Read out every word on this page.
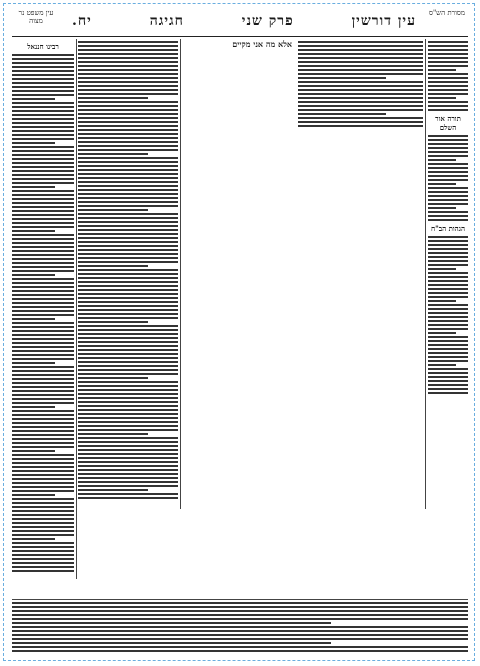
מסורת הש"ס
עין דורשין
פרק שני
חגיגה
יח.
עין משפט נר מצוה
תורה אור השלם
הגהות הב"ח
אלא מה אני מקיים
רבינו חננאל
